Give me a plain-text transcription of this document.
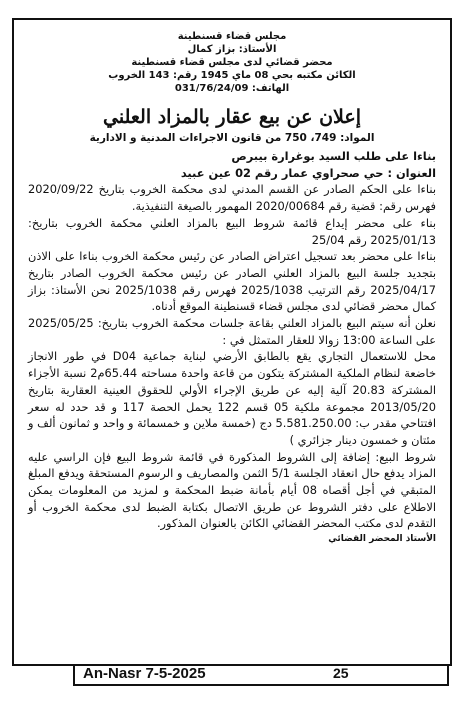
مجلس قضاء قسنطينة
الأستاذ: بزاز كمال
محضر قضائي لدى مجلس قضاء قسنطينة
الكائن مكتبه بحي 08 ماي 1945 رقم: 143 الخروب
الهاتف: 031/76/24/09
إعلان عن بيع عقار بالمزاد العلني
المواد: 749، 750 من قانون الاجراءات المدنية و الادارية

بناءا على طلب السيد بوغرارة بيبرص

العنوان : حي صحراوي عمار رقم 02 عين عبيد

بناءا على الحكم الصادر عن القسم المدني لدى محكمة الخروب بتاريخ 2020/09/22 فهرس رقم: قضية رقم 2020/00684 المهمور بالصيغة التنفيذية.

بناء على محضر إيداع قائمة شروط البيع بالمزاد العلني محكمة الخروب بتاريخ: 2025/01/13 رقم 25/04

بناءا على محضر بعد تسجيل اعتراض الصادر عن رئيس محكمة الخروب بناءا على الاذن بتجديد جلسة البيع بالمزاد العلني الصادر عن رئيس محكمة الخروب الصادر بتاريخ 2025/04/17 رقم الترتيب 2025/1038 فهرس رقم 2025/1038 نحن الأستاذ: بزاز كمال محضر قضائي لدى مجلس قضاء قسنطينة الموقع أدناه.

نعلن أنه سيتم البيع بالمزاد العلني بقاعة جلسات محكمة الخروب بتاريخ: 2025/05/25 على الساعة 13:00 زوالا للعقار المتمثل في :

محل للاستعمال التجاري يقع بالطابق الأرضي لبناية جماعية D04 في طور الانجاز خاضعة لنظام الملكية المشتركة يتكون من قاعة واحدة مساحته 65.44م2 نسبة الأجزاء المشتركة 20.83 آلية إليه عن طريق الإجراء الأولي للحقوق العينية العقارية بتاريخ 2013/05/20 مجموعة ملكية 05 قسم 122 يحمل الحصة 117 و قد حدد له سعر افتتاحي مقدر ب: 5.581.250.00 دج (خمسة ملاين و خمسمائة و واحد و ثمانون ألف و مئتان و خمسون دينار جزائري )

شروط البيع: إضافة إلى الشروط المذكورة في قائمة شروط البيع فإن الراسي عليه المزاد يدفع حال انعقاد الجلسة 5/1 الثمن والمصاريف و الرسوم المستحقة ويدفع المبلغ المتبقي في أجل أقصاه 08 أيام بأمانة ضبط المحكمة و لمزيد من المعلومات يمكن الاطلاع على دفتر الشروط عن طريق الاتصال بكتابة الضبط لدى محكمة الخروب أو التقدم لدى مكتب المحضر القضائي الكائن بالعنوان المذكور.

الأستاذ المحضر القضائي
An-Nasr 7-5-2025	25
